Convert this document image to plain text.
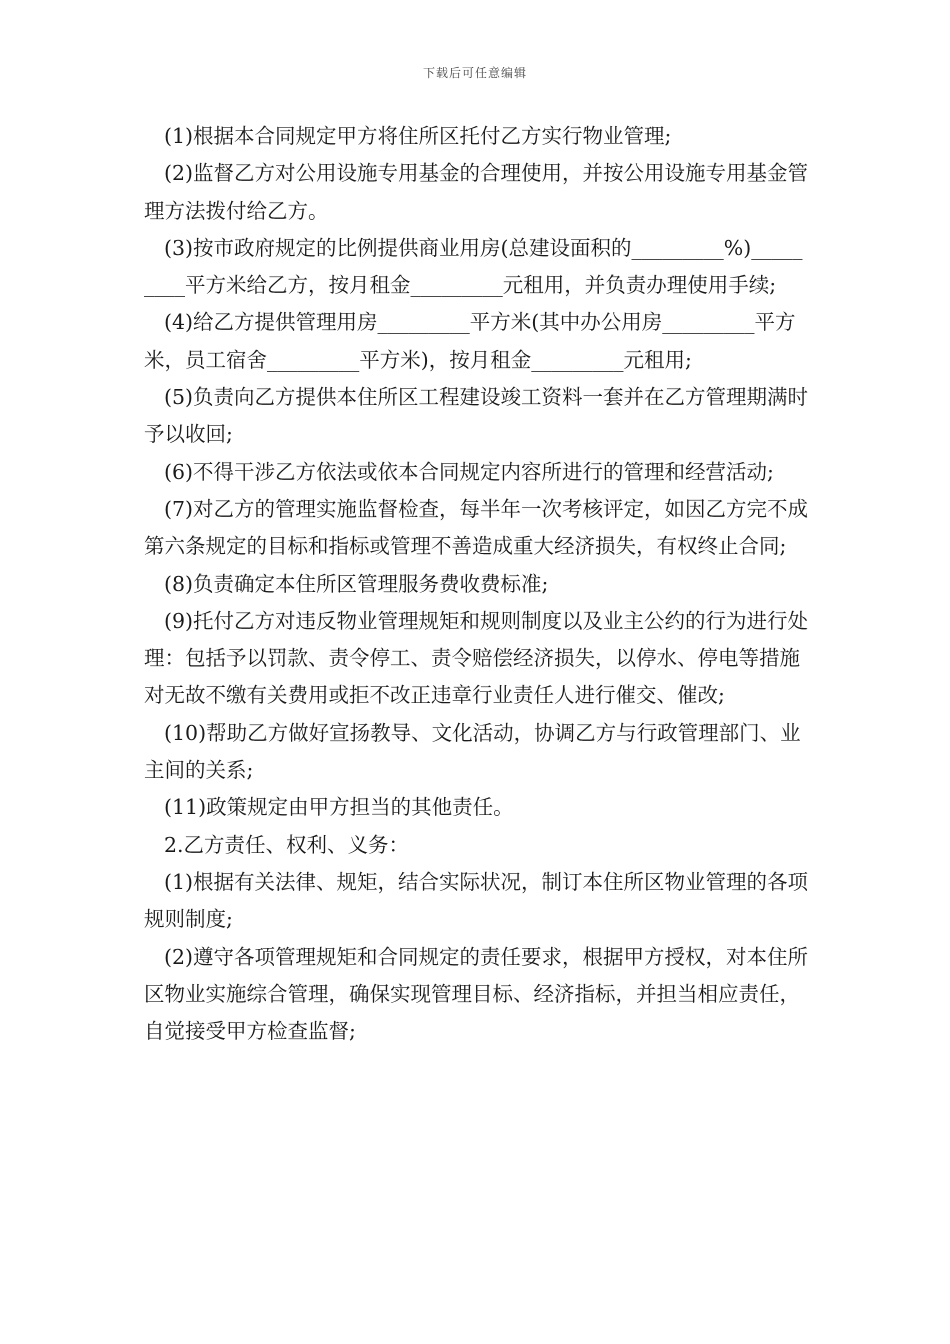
下载后可任意编辑

(1)根据本合同规定甲方将住所区托付乙方实行物业管理;

(2)监督乙方对公用设施专用基金的合理使用，并按公用设施专用基金管理方法拨付给乙方。

(3)按市政府规定的比例提供商业用房(总建设面积的_________%)_________平方米给乙方，按月租金_________元租用，并负责办理使用手续;

(4)给乙方提供管理用房_________平方米(其中办公用房_________平方米，员工宿舍_________平方米)，按月租金_________元租用;

(5)负责向乙方提供本住所区工程建设竣工资料一套并在乙方管理期满时予以收回;

(6)不得干涉乙方依法或依本合同规定内容所进行的管理和经营活动;

(7)对乙方的管理实施监督检查，每半年一次考核评定，如因乙方完不成第六条规定的目标和指标或管理不善造成重大经济损失，有权终止合同;

(8)负责确定本住所区管理服务费收费标准;

(9)托付乙方对违反物业管理规矩和规则制度以及业主公约的行为进行处理：包括予以罚款、责令停工、责令赔偿经济损失，以停水、停电等措施对无故不缴有关费用或拒不改正违章行业责任人进行催交、催改;

(10)帮助乙方做好宣扬教导、文化活动，协调乙方与行政管理部门、业主间的关系;

(11)政策规定由甲方担当的其他责任。

2.乙方责任、权利、义务：

(1)根据有关法律、规矩，结合实际状况，制订本住所区物业管理的各项规则制度;

(2)遵守各项管理规矩和合同规定的责任要求，根据甲方授权，对本住所区物业实施综合管理，确保实现管理目标、经济指标，并担当相应责任，自觉接受甲方检查监督;
